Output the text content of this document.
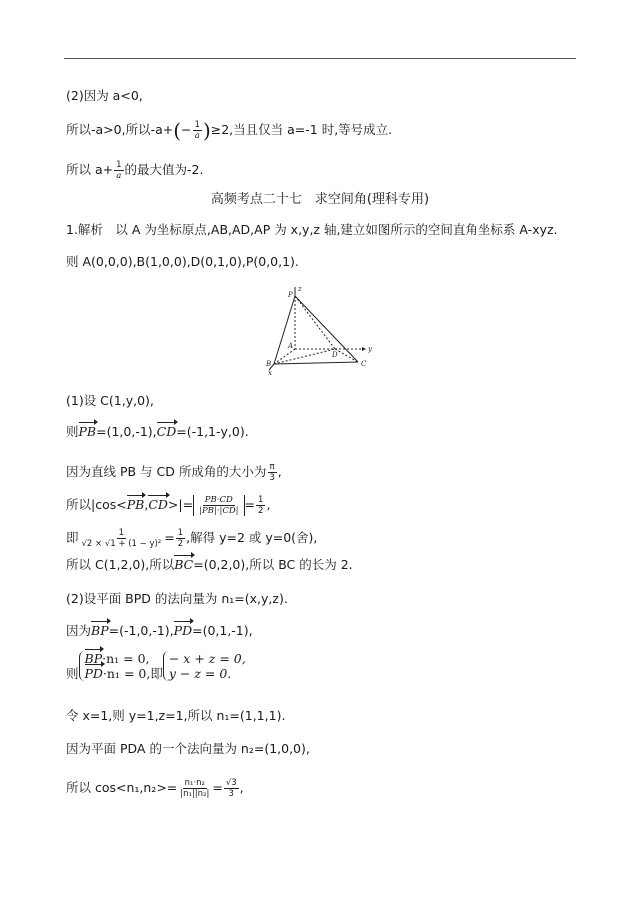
(2)因为 a<0,
所以-a>0,所以$-a+(- \frac{1}{a} )\ge 2$,当且仅当 a=-1 时,等号成立.
所以 $a+ \frac{1}{a}$ 的最大值为-2.
高频考点二十七　求空间角(理科专用)
1.解析　以 A 为坐标原点,AB,AD,AP 为 x,y,z 轴,建立如图所示的空间直角坐标系 A-xyz.
则 A(0,0,0),B(1,0,0),D(0,1,0),P(0,0,1).
P
z
A
D
y
B	C
x
(1)设 C(1,y,0),
则PB=(1,0,-1),CD=(-1,1-y,0).
因为直线 PB 与 CD 所成角的大小为 $\frac{\pi}{3}$ ,
所以$|\cos<PB,CD>|= \frac{PB\cdot CD}{|PB|\cdot|CD|} = \frac{1}{2}$ ,
即 $\frac{1}{\text{√2 × √1 + (1 − y)²}} = \frac{1}{2}$ ,解得 y=2 或 y=0(舍),
所以 C(1,2,0),所以BC=(0,2,0),所以 BC 的长为 2.
(2)设平面 BPD 的法向量为 n₁=(x,y,z).
因为BP=(-1,0,-1),PD=(0,1,-1),
则
BP·n₁ = 0,
PD·n₁ = 0, 即
− x + z = 0,
y − z = 0.
令 x=1,则 y=1,z=1,所以 n₁=(1,1,1).
因为平面 PDA 的一个法向量为 n₂=(1,0,0),
所以 $\cos<n_1,n_2>= \frac{\text{n₁·n₂}}{\text{|n₁||n₂|}} = \frac{√3}{3}$ ,
